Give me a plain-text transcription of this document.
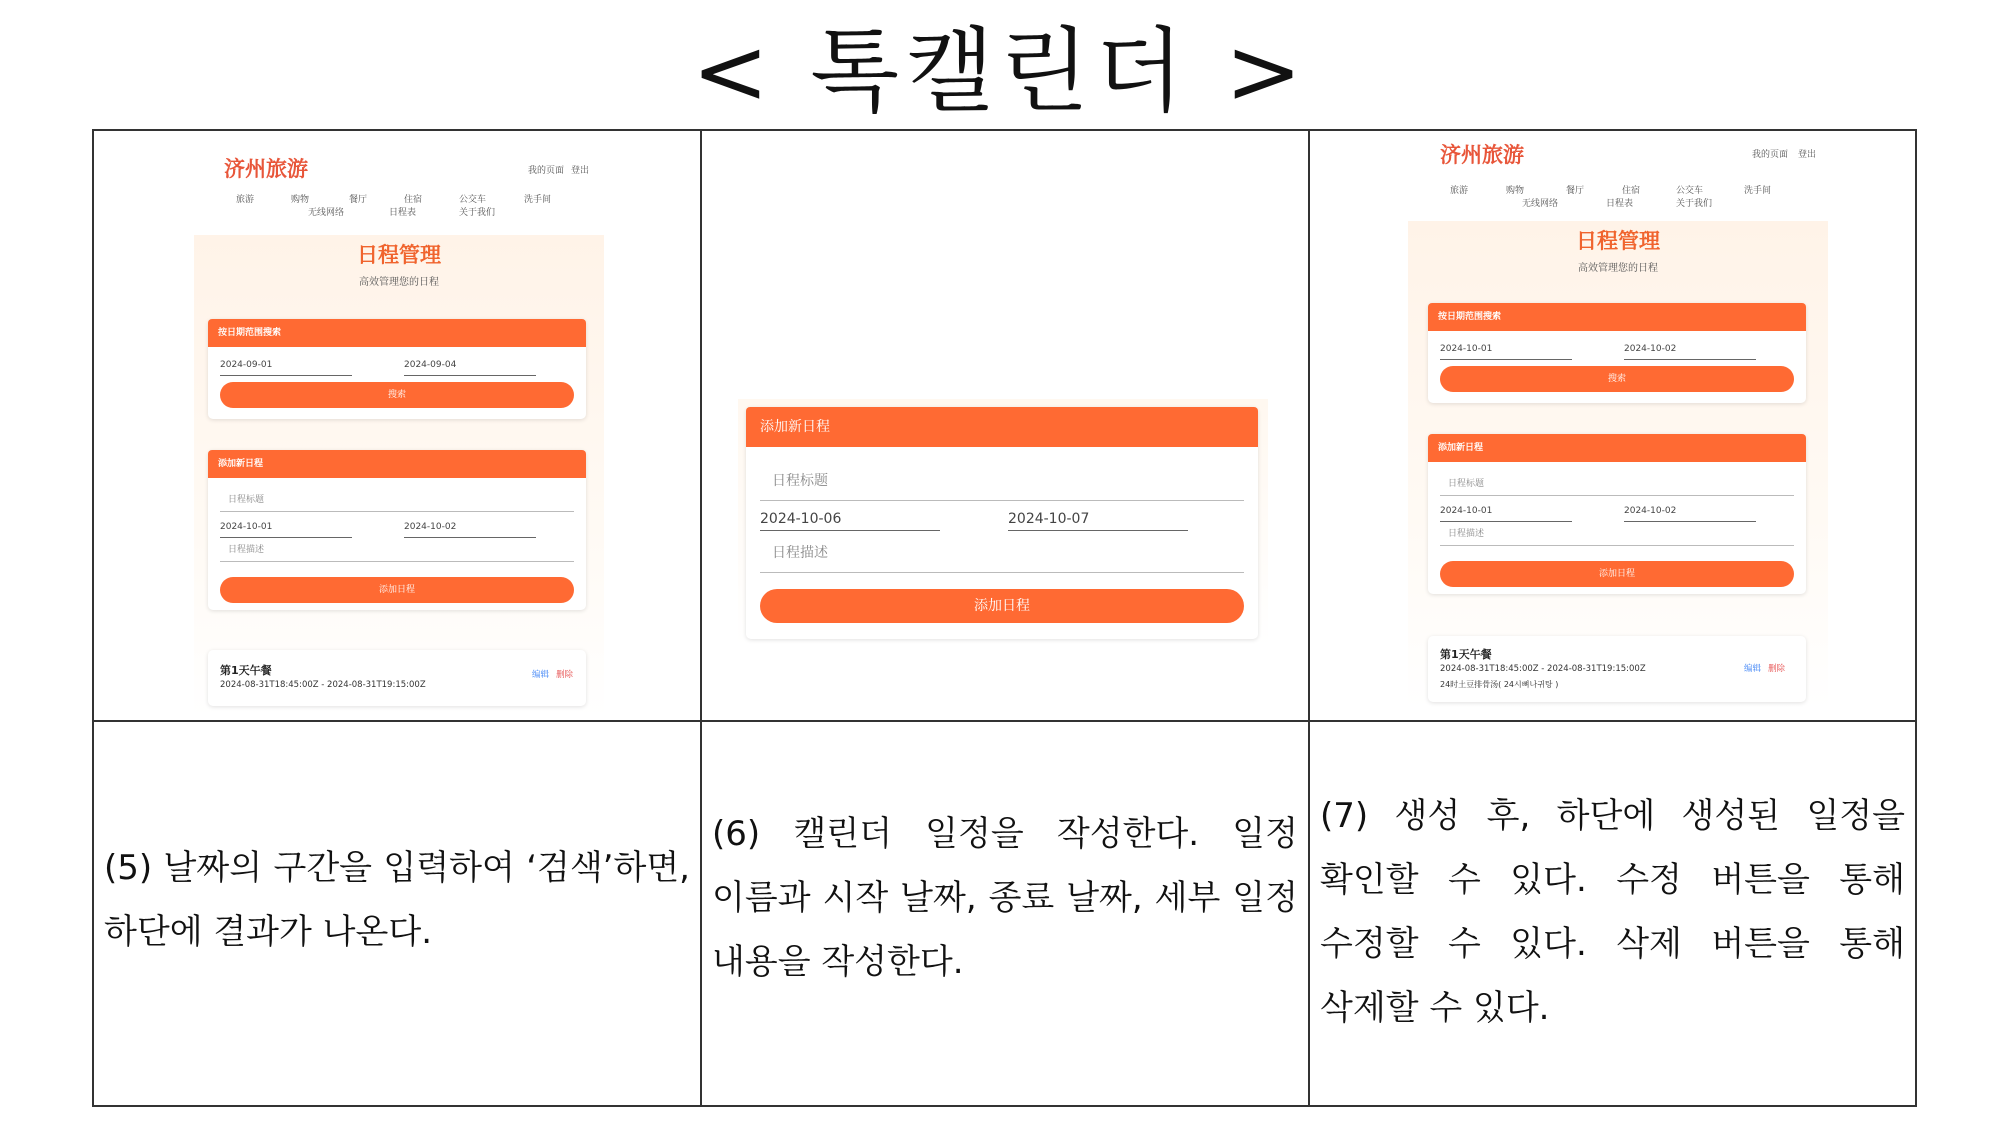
< 톡캘린더 >
济州旅游	我的页面 登出
旅游	购物	餐厅	住宿	公交车	洗手间
无线网络	日程表	关于我们
日程管理
高效管理您的日程
按日期范围搜索
2024-09-01	2024-09-04
搜索
添加新日程
日程标题
2024-10-01	2024-10-02
日程描述
添加日程
第1天午餐
2024-08-31T18:45:00Z - 2024-08-31T19:15:00Z
编辑 删除
添加新日程
日程标题
2024-10-06	2024-10-07
日程描述
添加日程
济州旅游	我的页面 登出
旅游	购物	餐厅	住宿	公交车	洗手间
无线网络	日程表	关于我们
日程管理
高效管理您的日程
按日期范围搜索
2024-10-01	2024-10-02
搜索
添加新日程
日程标题
2024-10-01	2024-10-02
日程描述
添加日程
第1天午餐
2024-08-31T18:45:00Z - 2024-08-31T19:15:00Z
24时土豆排骨汤( 24시뼈나귀탕 )
编辑 删除
(5) 날짜의 구간을 입력하여 ‘검색’하면, 하단에 결과가 나온다.
(6) 캘린더 일정을 작성한다. 일정 이름과 시작 날짜, 종료 날짜, 세부 일정 내용을 작성한다.
(7) 생성 후, 하단에 생성된 일정을 확인할 수 있다. 수정 버튼을 통해 수정할 수 있다. 삭제 버튼을 통해 삭제할 수 있다.
